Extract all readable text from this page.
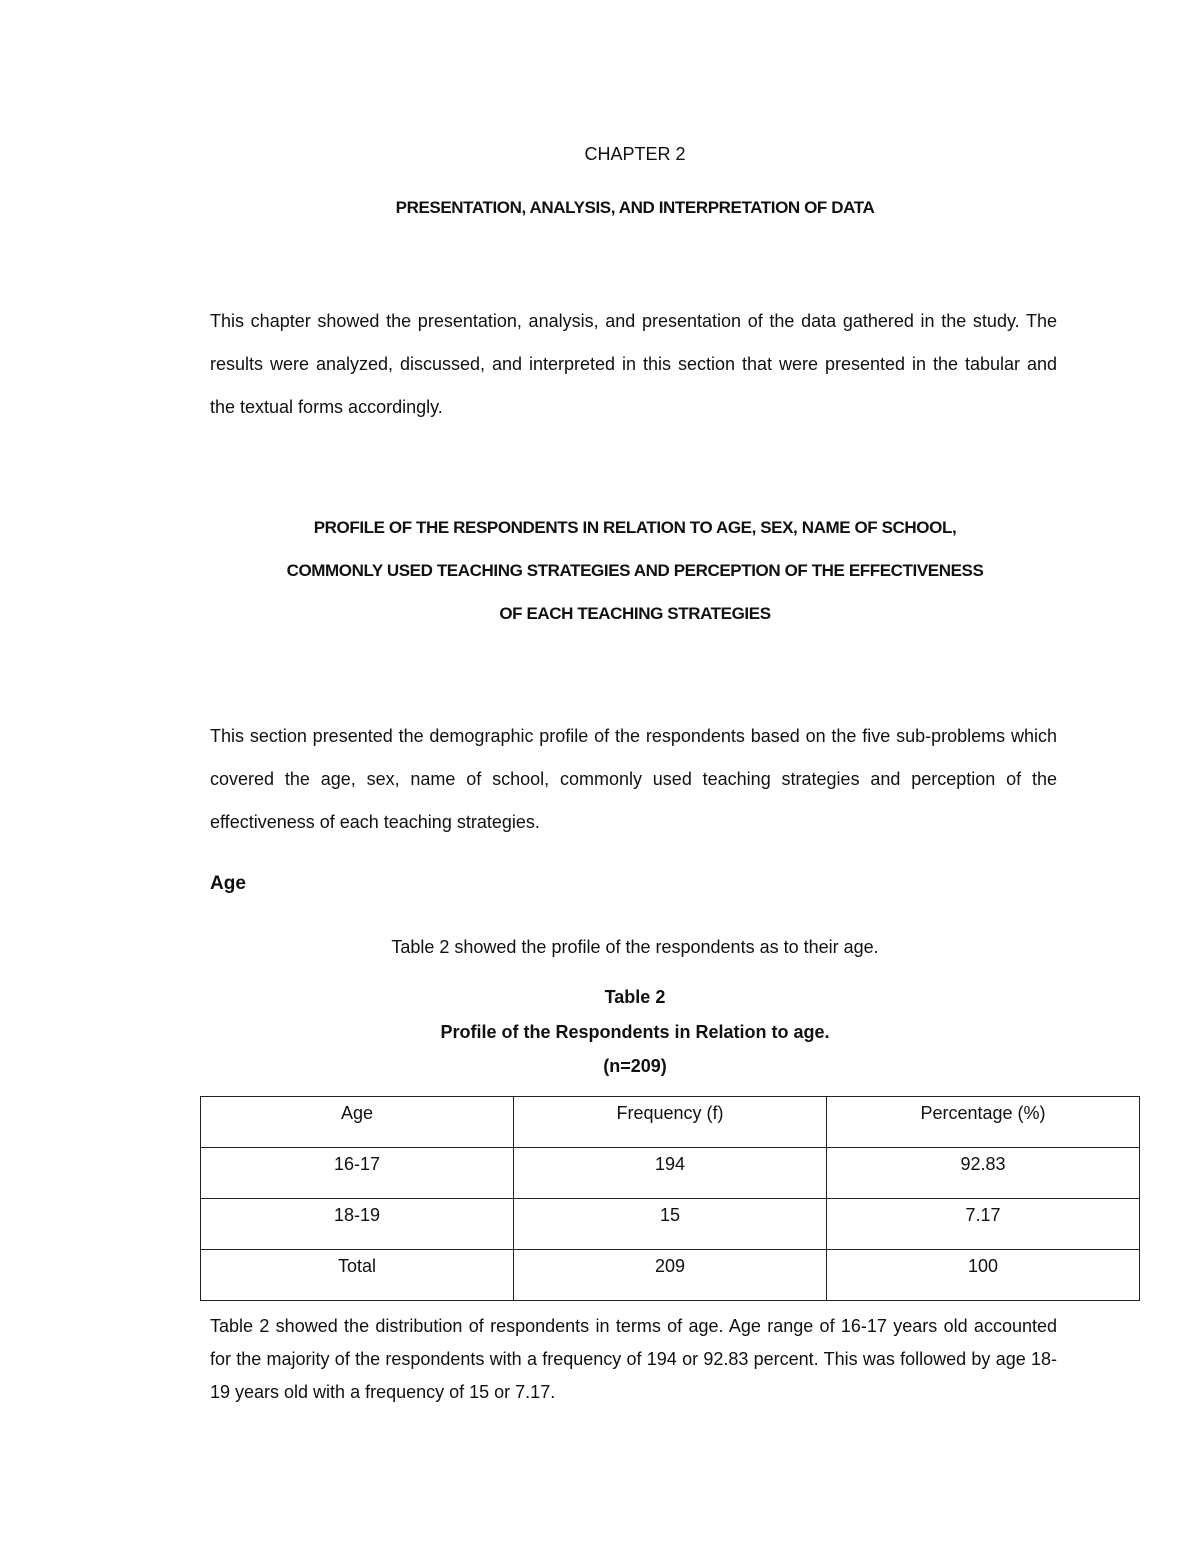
CHAPTER 2
PRESENTATION, ANALYSIS, AND INTERPRETATION OF DATA
This chapter showed the presentation, analysis, and presentation of the data gathered in the study. The results were analyzed, discussed, and interpreted in this section that were presented in the tabular and the textual forms accordingly.
PROFILE OF THE RESPONDENTS IN RELATION TO AGE, SEX, NAME OF SCHOOL,
COMMONLY USED TEACHING STRATEGIES AND PERCEPTION OF THE EFFECTIVENESS
OF EACH TEACHING STRATEGIES
This section presented the demographic profile of the respondents based on the five sub-problems which covered the age, sex, name of school, commonly used teaching strategies and perception of the effectiveness of each teaching strategies.
Age
Table 2 showed the profile of the respondents as to their age.
Table 2
Profile of the Respondents in Relation to age.
(n=209)
Age	Frequency (f)	Percentage (%)
16-17	194	92.83
18-19	15	7.17
Total	209	100
Table 2 showed the distribution of respondents in terms of age. Age range of 16-17 years old accounted for the majority of the respondents with a frequency of 194 or 92.83 percent. This was followed by age 18-19 years old with a frequency of 15 or 7.17.
